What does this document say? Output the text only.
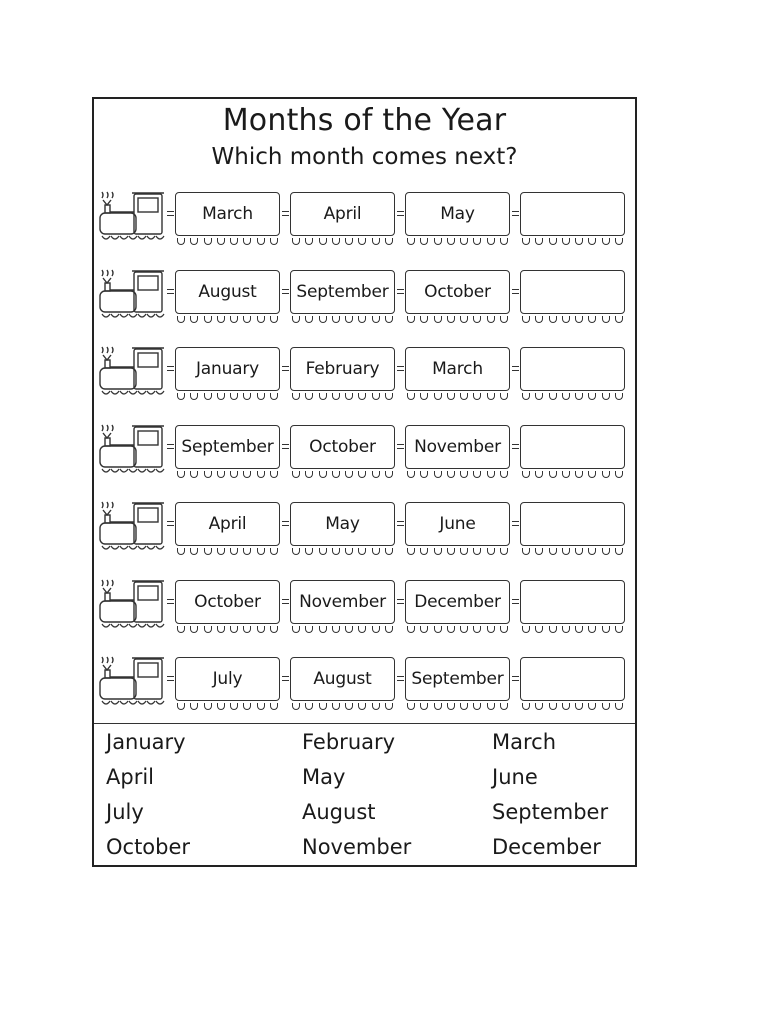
Months of the Year
Which month comes next?
March	April	May
August	September	October
January	February	March
September	October	November
April	May	June
October	November	December
July	August	September
January	February	March
April	May	June
July	August	September
October	November	December
